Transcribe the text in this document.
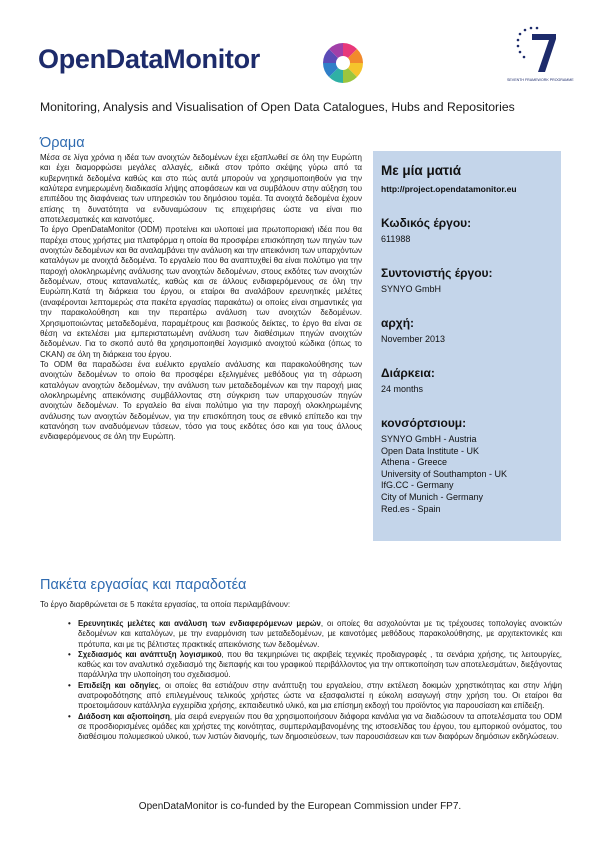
OpenDataMonitor
SEVENTH FRAMEWORK PROGRAMME
Monitoring, Analysis and Visualisation of Open Data Catalogues, Hubs and Repositories
Όραμα

Μέσα σε λίγα χρόνια η ιδέα των ανοιχτών δεδομένων έχει εξαπλωθεί σε όλη την Ευρώπη και έχει διαμορφώσει μεγάλες αλλαγές, ειδικά στον τρόπο σκέψης γύρω από τα κυβερνητικά δεδομένα καθώς και στο πώς αυτά μπορούν να χρησιμοποιηθούν για την καλύτερα ενημερωμένη διαδικασία λήψης αποφάσεων και να συμβάλουν στην αύξηση του επιπέδου της διαφάνειας των υπηρεσιών του δημόσιου τομέα. Τα ανοιχτά δεδομένα έχουν επίσης τη δυνατότητα να ενδυναμώσουν τις επιχειρήσεις ώστε να είναι πιο αποτελεσματικές και καινοτόμες.

Το έργο OpenDataMonitor (ODM) προτείνει και υλοποιεί μια πρωτοποριακή ιδέα που θα παρέχει στους χρήστες μια πλατφόρμα η οποία θα προσφέρει επισκόπηση των πηγών των ανοιχτών δεδομένων και θα αναλαμβάνει την ανάλυση και την απεικόνιση των υπαρχόντων καταλόγων με ανοιχτά δεδομένα. Το εργαλείο που θα αναπτυχθεί θα είναι πολύτιμο για την παροχή ολοκληρωμένης ανάλυσης των ανοιχτών δεδομένων, στους εκδότες των ανοιχτών δεδομένων, στους καταναλωτές, καθώς και σε άλλους ενδιαφερόμενους σε όλη την Ευρώπη.Κατά τη διάρκεια του έργου, οι εταίροι θα αναλάβουν ερευνητικές μελέτες (αναφέρονται λεπτομερώς στα πακέτα εργασίας παρακάτω) οι οποίες είναι σημαντικές για την παρακολούθηση και την περαιτέρω ανάλυση των ανοιχτών δεδομένων. Χρησιμοποιώντας μεταδεδομένα, παραμέτρους και βασικούς δείκτες, το έργο θα είναι σε θέση να εκτελέσει μια εμπεριστατωμένη ανάλυση των διαθέσιμων πηγών ανοιχτών δεδομένων. Για το σκοπό αυτό θα χρησιμοποιηθεί λογισμικό ανοιχτού κώδικα (όπως το CKAN) σε όλη τη διάρκεια του έργου.

Το ODM θα παραδώσει ένα ευέλικτο εργαλείο ανάλυσης και παρακολούθησης των ανοιχτών δεδομένων το οποίο θα προσφέρει εξελιγμένες μεθόδους για τη σάρωση καταλόγων ανοιχτών δεδομένων, την ανάλυση των μεταδεδομένων και την παροχή μιας ολοκληρωμένης απεικόνισης συμβάλλοντας στη σύγκριση των υπαρχουσών πηγών ανοιχτών δεδομένων. Το εργαλείο θα είναι πολύτιμο για την παροχή ολοκληρωμένης ανάλυσης των ανοιχτών δεδομένων, για την επισκόπηση τους σε εθνικό επίπεδο και την κατανόηση των αναδυόμενων τάσεων, τόσο για τους εκδότες όσο και για τους άλλους ενδιαφερόμενους σε όλη την Ευρώπη.

Με μία ματιά
http://project.opendatamonitor.eu
Κωδικός έργου:
611988
Συντονιστής έργου:
SYNYO GmbH
αρχή:
November 2013
Διάρκεια:
24 months
κονσόρτσιουμ:
SYNYO GmbH - Austria
Open Data Institute - UK
Athena - Greece
University of Southampton - UK
IfG.CC - Germany
City of Munich - Germany
Red.es - Spain
Πακέτα εργασίας και παραδοτέα
Το έργο διαρθρώνεται σε 5 πακέτα εργασίας, τα οποία περιλαμβάνουν:
• Ερευνητικές μελέτες και ανάλυση των ενδιαφερόμενων μερών, οι οποίες θα ασχολούνται με τις τρέχουσες τοπολογίες ανοικτών δεδομένων και καταλόγων, με την εναρμόνιση των μεταδεδομένων, με καινοτόμες μεθόδους παρακολούθησης, με αρχιτεκτονικές και πρότυπα, και με τις βέλτιστες πρακτικές απεικόνισης των δεδομένων.
• Σχεδιασμός και ανάπτυξη λογισμικού, που θα τεκμηριώνει τις ακριβείς τεχνικές προδιαγραφές , τα σενάρια χρήσης, τις λειτουργίες, καθώς και τον αναλυτικό σχεδιασμό της διεπαφής και του γραφικού περιβάλλοντος για την οπτικοποίηση των αποτελεσμάτων, διεξάγοντας παράλληλα την υλοποίηση του σχεδιασμού.
• Επιδείξη και οδηγίες, οι οποίες θα εστιάζουν στην ανάπτυξη του εργαλείου, στην εκτέλεση δοκιμών χρηστικότητας και στην λήψη ανατροφοδότησης από επιλεγμένους τελικούς χρήστες ώστε να εξασφαλιστεί η εύκολη εισαγωγή στην χρήση του. Οι εταίροι θα προετοιμάσουν κατάλληλα εγχειρίδια χρήσης, εκπαιδευτικό υλικό, και μια επίσημη εκδοχή του προϊόντος για παρουσίαση και επίδειξη.
• Διάδοση και αξιοποίηση, μία σειρά ενεργειών που θα χρησιμοποιήσουν διάφορα κανάλια για να διαδώσουν τα αποτελέσματα του ODM σε προσδιορισμένες ομάδες και χρήστες της κοινότητας, συμπεριλαμβανομένης της ιστοσελίδας του έργου, του εμπορικού ονόματος, του διαθέσιμου πολυμεσικού υλικού, των λιστών διανομής, των δημοσιεύσεων, των παρουσιάσεων και των διαφόρων δημόσιων εκδηλώσεων.
OpenDataMonitor is co-funded by the European Commission under FP7.
